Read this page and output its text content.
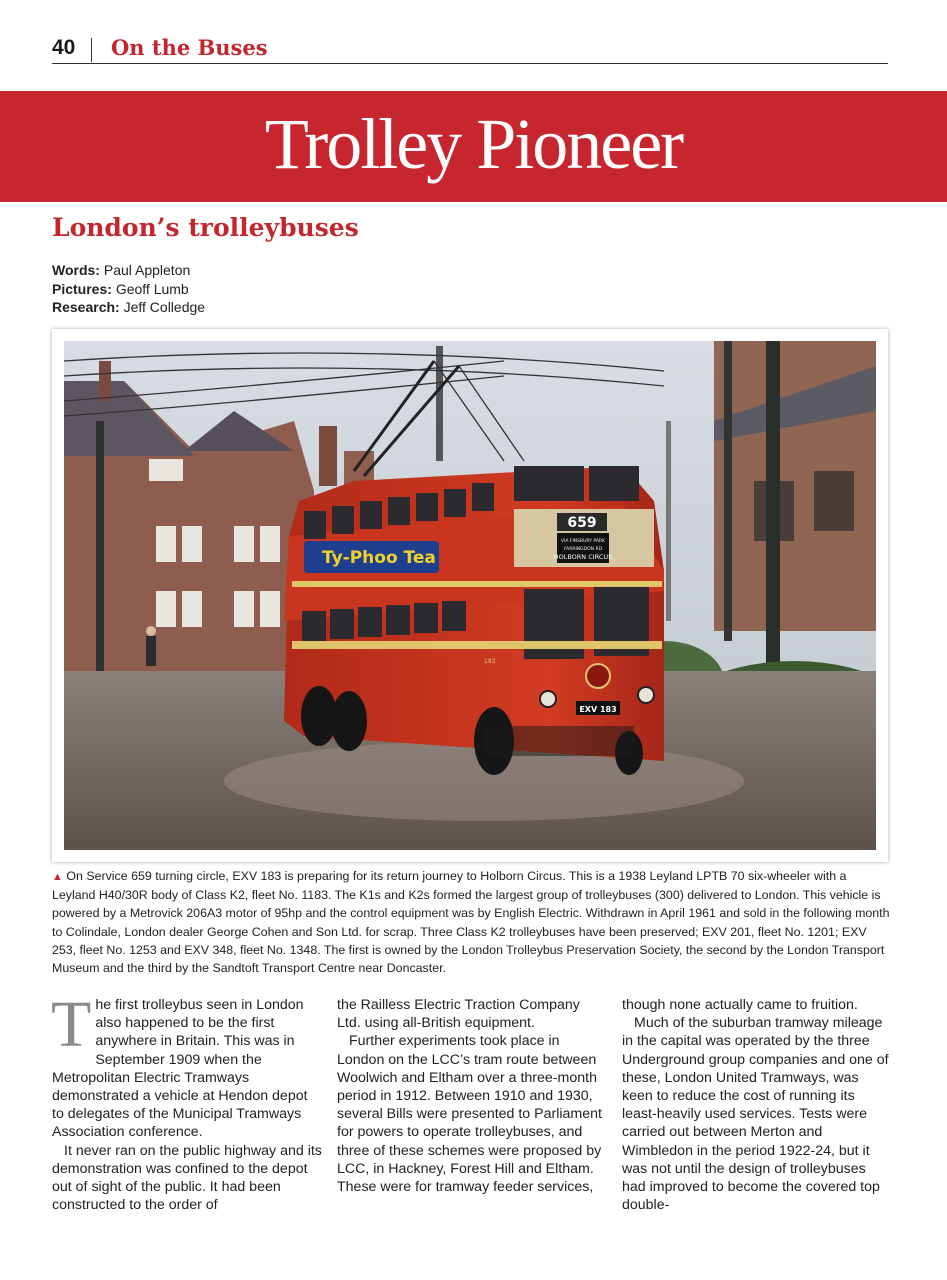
40 On the Buses
Trolley Pioneer
London’s trolleybuses
Words: Paul Appleton
Pictures: Geoff Lumb
Research: Jeff Colledge
Ty-Phoo Tea
659
VIA FINSBURY PARK
FARRINGDON RD
HOLBORN CIRCUS
EXV 183
183
▲ On Service 659 turning circle, EXV 183 is preparing for its return journey to Holborn Circus. This is a 1938 Leyland LPTB 70 six-wheeler with a Leyland H40/30R body of Class K2, fleet No. 1183. The K1s and K2s formed the largest group of trolleybuses (300) delivered to London. This vehicle is powered by a Metrovick 206A3 motor of 95hp and the control equipment was by English Electric. Withdrawn in April 1961 and sold in the following month to Colindale, London dealer George Cohen and Son Ltd. for scrap. Three Class K2 trolleybuses have been preserved; EXV 201, fleet No. 1201; EXV 253, fleet No. 1253 and EXV 348, fleet No. 1348. The first is owned by the London Trolleybus Preservation Society, the second by the London Transport Museum and the third by the Sandtoft Transport Centre near Doncaster.
T he first trolleybus seen in London also happened to be the first anywhere in Britain. This was in September 1909 when the Metropolitan Electric Tramways demonstrated a vehicle at Hendon depot to delegates of the Municipal Tramways Association conference.

It never ran on the public highway and its demonstration was confined to the depot out of sight of the public. It had been constructed to the order of

the Railless Electric Traction Company Ltd. using all-British equipment.

Further experiments took place in London on the LCC’s tram route between Woolwich and Eltham over a three-month period in 1912. Between 1910 and 1930, several Bills were presented to Parliament for powers to operate trolleybuses, and three of these schemes were proposed by LCC, in Hackney, Forest Hill and Eltham. These were for tramway feeder services,

though none actually came to fruition.

Much of the suburban tramway mileage in the capital was operated by the three Underground group companies and one of these, London United Tramways, was keen to reduce the cost of running its least-heavily used services. Tests were carried out between Merton and Wimbledon in the period 1922-24, but it was not until the design of trolleybuses had improved to become the covered top double-
